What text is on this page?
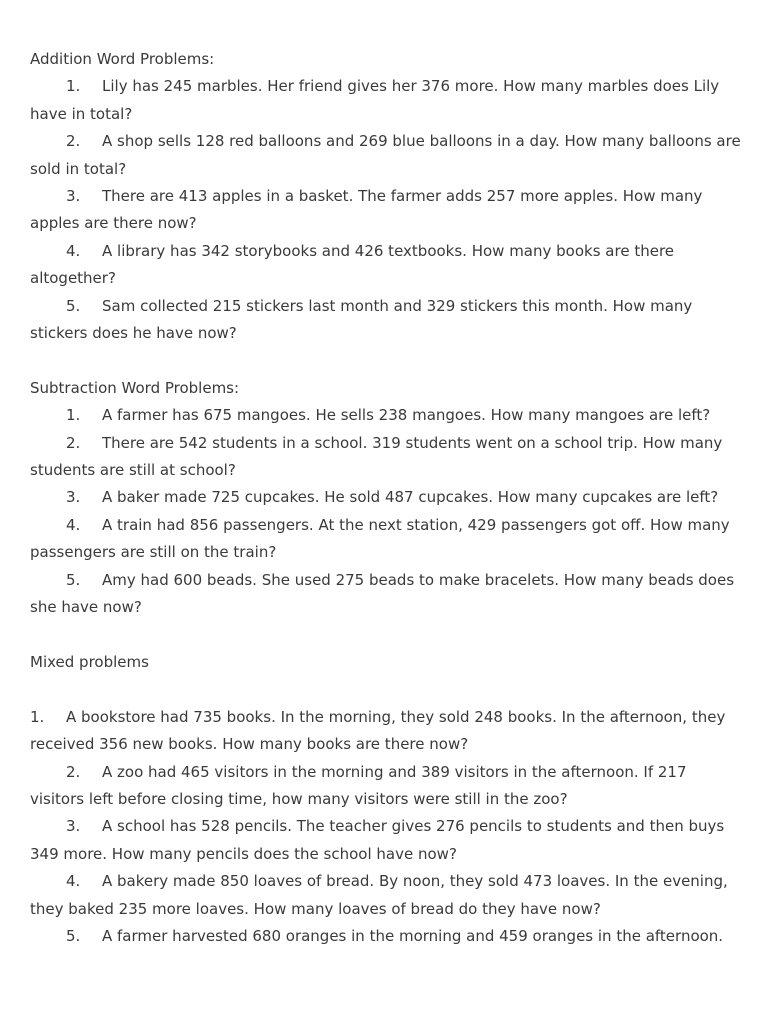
Addition Word Problems:

1. Lily has 245 marbles. Her friend gives her 376 more. How many marbles does Lily have in total?

2. A shop sells 128 red balloons and 269 blue balloons in a day. How many balloons are sold in total?

3. There are 413 apples in a basket. The farmer adds 257 more apples. How many apples are there now?

4. A library has 342 storybooks and 426 textbooks. How many books are there altogether?

5. Sam collected 215 stickers last month and 329 stickers this month. How many stickers does he have now?

Subtraction Word Problems:

1. A farmer has 675 mangoes. He sells 238 mangoes. How many mangoes are left?

2. There are 542 students in a school. 319 students went on a school trip. How many students are still at school?

3. A baker made 725 cupcakes. He sold 487 cupcakes. How many cupcakes are left?

4. A train had 856 passengers. At the next station, 429 passengers got off. How many passengers are still on the train?

5. Amy had 600 beads. She used 275 beads to make bracelets. How many beads does she have now?

Mixed problems

1. A bookstore had 735 books. In the morning, they sold 248 books. In the afternoon, they received 356 new books. How many books are there now?

2. A zoo had 465 visitors in the morning and 389 visitors in the afternoon. If 217 visitors left before closing time, how many visitors were still in the zoo?

3. A school has 528 pencils. The teacher gives 276 pencils to students and then buys 349 more. How many pencils does the school have now?

4. A bakery made 850 loaves of bread. By noon, they sold 473 loaves. In the evening, they baked 235 more loaves. How many loaves of bread do they have now?

5. A farmer harvested 680 oranges in the morning and 459 oranges in the afternoon.
